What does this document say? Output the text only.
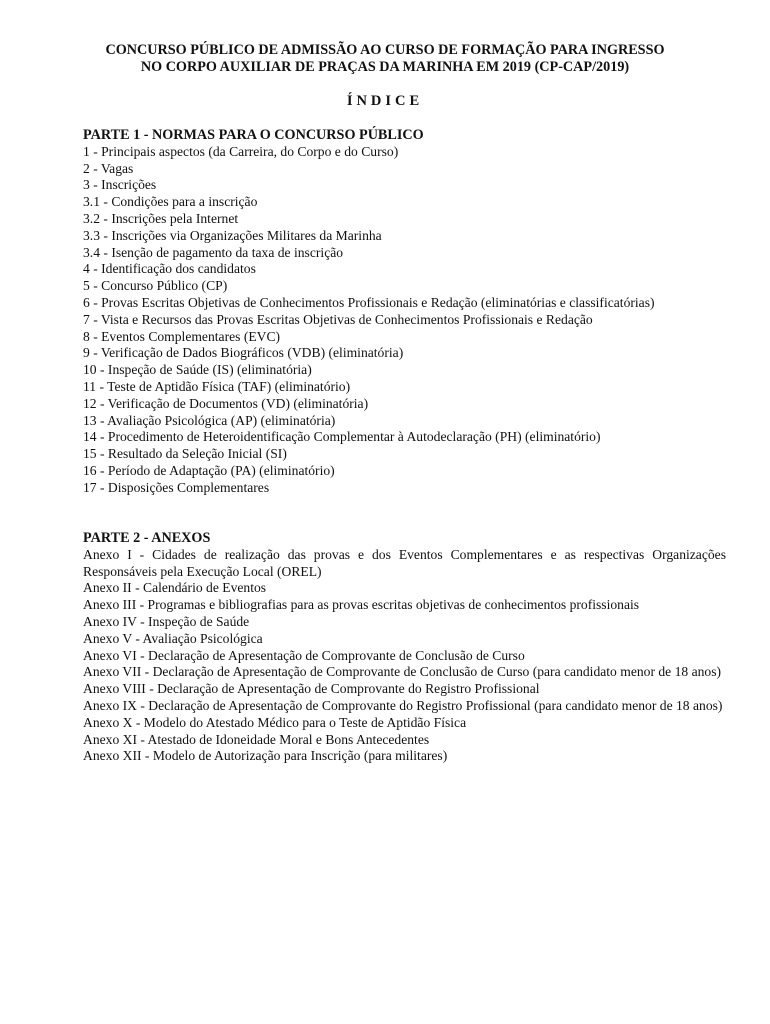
CONCURSO PÚBLICO DE ADMISSÃO AO CURSO DE FORMAÇÃO PARA INGRESSO
NO CORPO AUXILIAR DE PRAÇAS DA MARINHA EM 2019 (CP-CAP/2019)
ÍNDICE
PARTE 1 - NORMAS PARA O CONCURSO PÚBLICO
1 - Principais aspectos (da Carreira, do Corpo e do Curso)
2 - Vagas
3 - Inscrições
3.1 - Condições para a inscrição
3.2 - Inscrições pela Internet
3.3 - Inscrições via Organizações Militares da Marinha
3.4 - Isenção de pagamento da taxa de inscrição
4 - Identificação dos candidatos
5 - Concurso Público (CP)
6 - Provas Escritas Objetivas de Conhecimentos Profissionais e Redação (eliminatórias e classificatórias)
7 - Vista e Recursos das Provas Escritas Objetivas de Conhecimentos Profissionais e Redação
8 - Eventos Complementares (EVC)
9 - Verificação de Dados Biográficos (VDB) (eliminatória)
10 - Inspeção de Saúde (IS) (eliminatória)
11 - Teste de Aptidão Física (TAF) (eliminatório)
12 - Verificação de Documentos (VD) (eliminatória)
13 - Avaliação Psicológica (AP) (eliminatória)
14 - Procedimento de Heteroidentificação Complementar à Autodeclaração (PH) (eliminatório)
15 - Resultado da Seleção Inicial (SI)
16 - Período de Adaptação (PA) (eliminatório)
17 - Disposições Complementares
PARTE 2 - ANEXOS
Anexo I - Cidades de realização das provas e dos Eventos Complementares e as respectivas Organizações Responsáveis pela Execução Local (OREL)
Anexo II - Calendário de Eventos
Anexo III - Programas e bibliografias para as provas escritas objetivas de conhecimentos profissionais
Anexo IV - Inspeção de Saúde
Anexo V - Avaliação Psicológica
Anexo VI - Declaração de Apresentação de Comprovante de Conclusão de Curso
Anexo VII - Declaração de Apresentação de Comprovante de Conclusão de Curso (para candidato menor de 18 anos)
Anexo VIII - Declaração de Apresentação de Comprovante do Registro Profissional
Anexo IX - Declaração de Apresentação de Comprovante do Registro Profissional (para candidato menor de 18 anos)
Anexo X - Modelo do Atestado Médico para o Teste de Aptidão Física
Anexo XI - Atestado de Idoneidade Moral e Bons Antecedentes
Anexo XII - Modelo de Autorização para Inscrição (para militares)
